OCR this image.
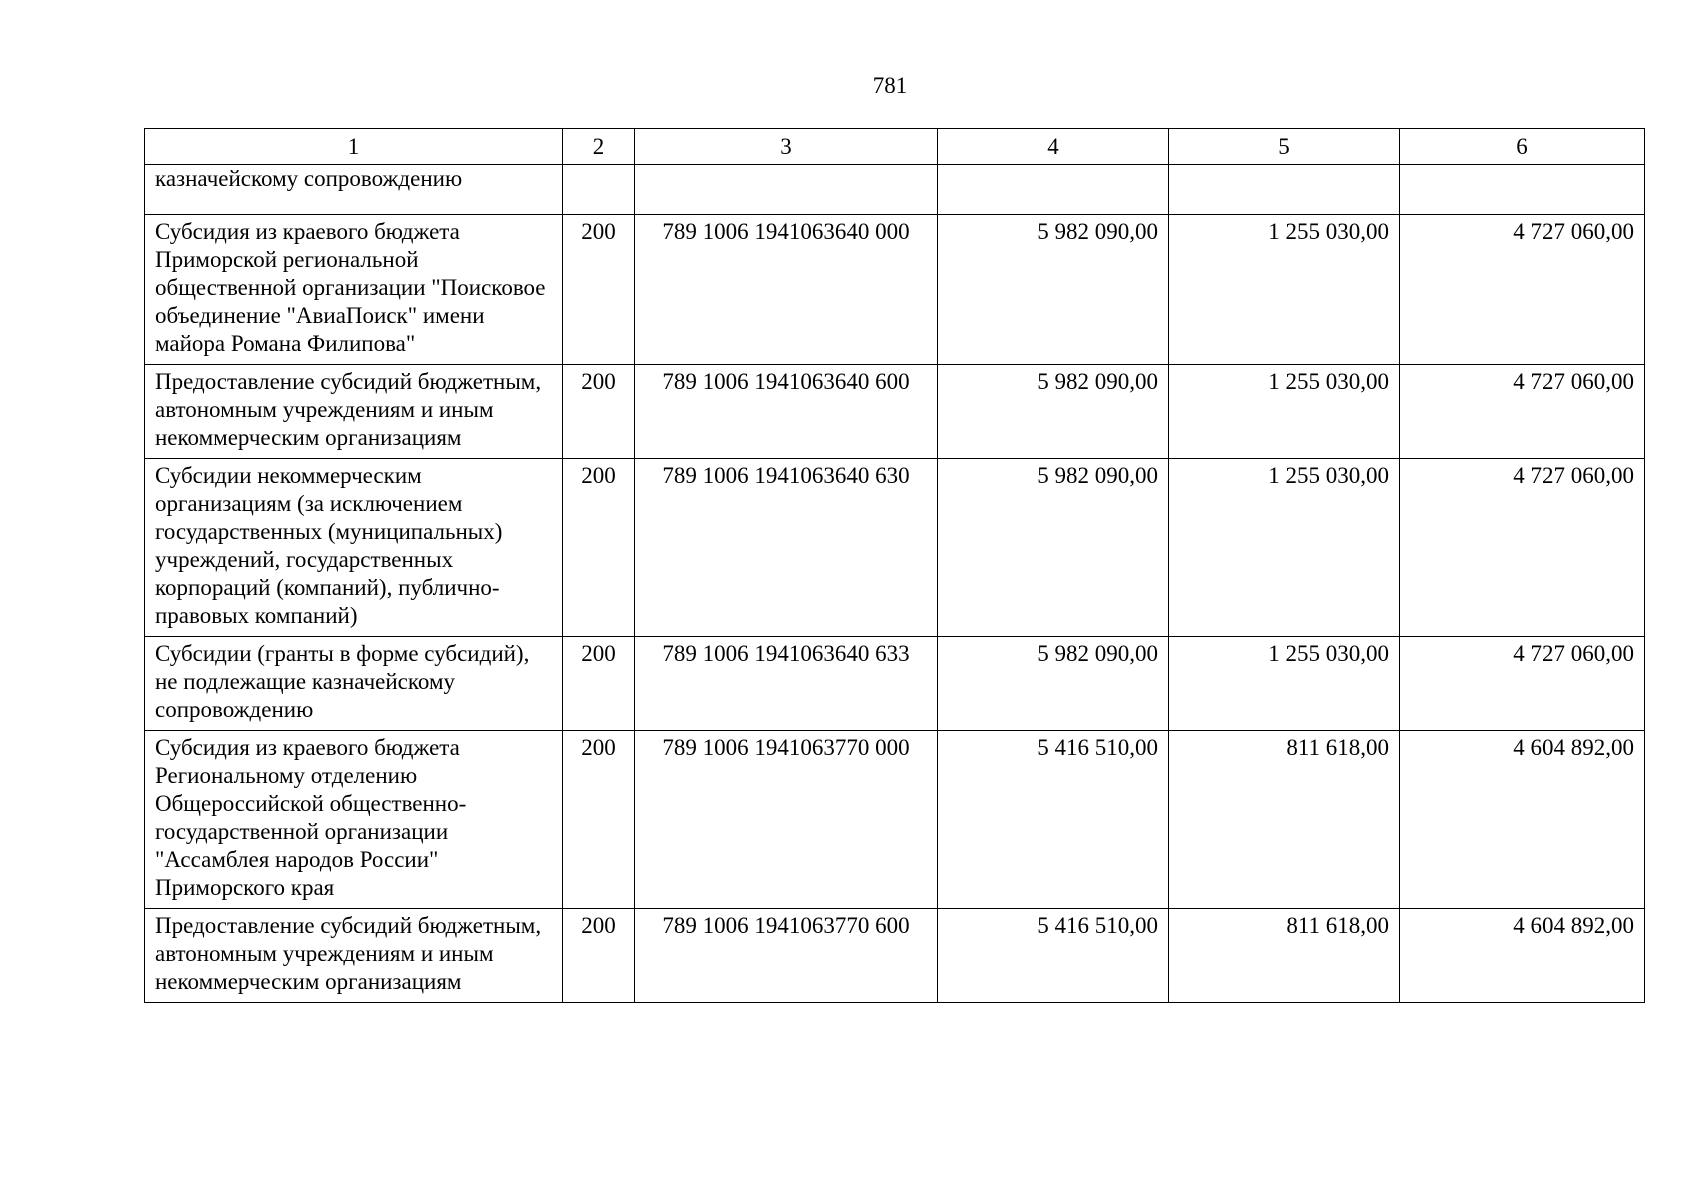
781
1	2	3	4	5	6
казначейскому сопровождению					
Субсидия из краевого бюджета Приморской региональной общественной организации "Поисковое объединение "АвиаПоиск" имени майора Романа Филипова"	200	789 1006 1941063640 000	5 982 090,00	1 255 030,00	4 727 060,00
Предоставление субсидий бюджетным, автономным учреждениям и иным некоммерческим организациям	200	789 1006 1941063640 600	5 982 090,00	1 255 030,00	4 727 060,00
Субсидии некоммерческим организациям (за исключением государственных (муниципальных) учреждений, государственных корпораций (компаний), публично-правовых компаний)	200	789 1006 1941063640 630	5 982 090,00	1 255 030,00	4 727 060,00
Субсидии (гранты в форме субсидий), не подлежащие казначейскому сопровождению	200	789 1006 1941063640 633	5 982 090,00	1 255 030,00	4 727 060,00
Субсидия из краевого бюджета Региональному отделению Общероссийской общественно-государственной организации "Ассамблея народов России" Приморского края	200	789 1006 1941063770 000	5 416 510,00	811 618,00	4 604 892,00
Предоставление субсидий бюджетным, автономным учреждениям и иным некоммерческим организациям	200	789 1006 1941063770 600	5 416 510,00	811 618,00	4 604 892,00
